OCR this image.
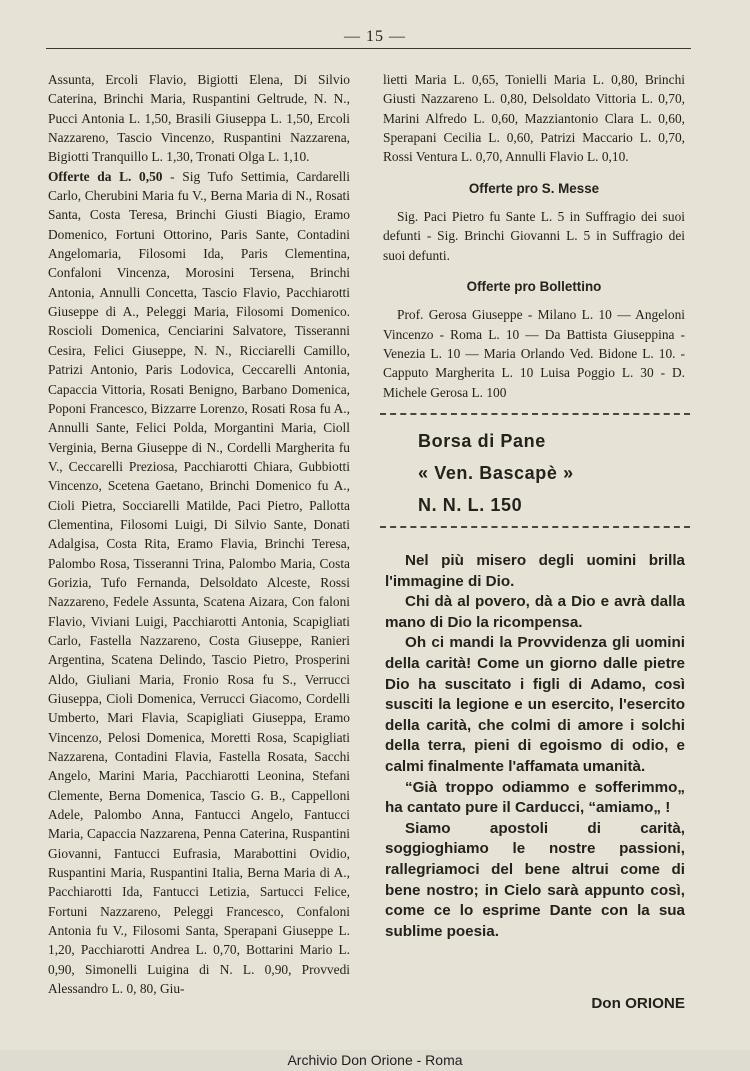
— 15 —

Assunta, Ercoli Flavio, Bigiotti Elena, Di Silvio Caterina, Brinchi Maria, Ruspantini Geltrude, N. N., Pucci Antonia L. 1,50, Brasili Giuseppa L. 1,50, Ercoli Nazzareno, Tascio Vincenzo, Ruspantini Nazzarena, Bigiotti Tranquillo L. 1,30, Tronati Olga L. 1,10.

Offerte da L. 0,50 - Sig Tufo Settimia, Cardarelli Carlo, Cherubini Maria fu V., Berna Maria di N., Rosati Santa, Costa Teresa, Brinchi Giusti Biagio, Eramo Domenico, Fortuni Ottorino, Paris Sante, Contadini Angelomaria, Filosomi Ida, Paris Clementina, Confaloni Vincenza, Morosini Tersena, Brinchi Antonia, Annulli Concetta, Tascio Flavio, Pacchiarotti Giuseppe di A., Peleggi Maria, Filosomi Domenico. Roscioli Domenica, Cenciarini Salvatore, Tisseranni Cesira, Felici Giuseppe, N. N., Ricciarelli Camillo, Patrizi Antonio, Paris Lodovica, Ceccarelli Antonia, Capaccia Vittoria, Rosati Benigno, Barbano Domenica, Poponi Francesco, Bizzarre Lorenzo, Rosati Rosa fu A., Annulli Sante, Felici Polda, Morgantini Maria, Cioll Verginia, Berna Giuseppe di N., Cordelli Margherita fu V., Ceccarelli Preziosa, Pacchiarotti Chiara, Gubbiotti Vincenzo, Scetena Gaetano, Brinchi Domenico fu A., Cioli Pietra, Socciarelli Matilde, Paci Pietro, Pallotta Clementina, Filosomi Luigi, Di Silvio Sante, Donati Adalgisa, Costa Rita, Eramo Flavia, Brinchi Teresa, Palombo Rosa, Tisseranni Trina, Palombo Maria, Costa Gorizia, Tufo Fernanda, Delsoldato Alceste, Rossi Nazzareno, Fedele Assunta, Scatena Aizara, Con faloni Flavio, Viviani Luigi, Pacchiarotti Antonia, Scapigliati Carlo, Fastella Nazzareno, Costa Giuseppe, Ranieri Argentina, Scatena Delindo, Tascio Pietro, Prosperini Aldo, Giuliani Maria, Fronio Rosa fu S., Verrucci Giuseppa, Cioli Domenica, Verrucci Giacomo, Cordelli Umberto, Mari Flavia, Scapigliati Giuseppa, Eramo Vincenzo, Pelosi Domenica, Moretti Rosa, Scapigliati Nazzarena, Contadini Flavia, Fastella Rosata, Sacchi Angelo, Marini Maria, Pacchiarotti Leonina, Stefani Clemente, Berna Domenica, Tascio G. B., Cappelloni Adele, Palombo Anna, Fantucci Angelo, Fantucci Maria, Capaccia Nazzarena, Penna Caterina, Ruspantini Giovanni, Fantucci Eufrasia, Marabottini Ovidio, Ruspantini Maria, Ruspantini Italia, Berna Maria di A., Pacchiarotti Ida, Fantucci Letizia, Sartucci Felice, Fortuni Nazzareno, Peleggi Francesco, Confaloni Antonia fu V., Filosomi Santa, Sperapani Giuseppe L. 1,20, Pacchiarotti Andrea L. 0,70, Bottarini Mario L. 0,90, Simonelli Luigina di N. L. 0,90, Provvedi Alessandro L. 0, 80, Giu-

lietti Maria L. 0,65, Tonielli Maria L. 0,80, Brinchi Giusti Nazzareno L. 0,80, Delsoldato Vittoria L. 0,70, Marini Alfredo L. 0,60, Mazziantonio Clara L. 0,60, Sperapani Cecilia L. 0,60, Patrizi Maccario L. 0,70, Rossi Ventura L. 0,70, Annulli Flavio L. 0,10.

Offerte pro S. Messe

Sig. Paci Pietro fu Sante L. 5 in Suffragio dei suoi defunti - Sig. Brinchi Giovanni L. 5 in Suffragio dei suoi defunti.

Offerte pro Bollettino

Prof. Gerosa Giuseppe - Milano L. 10 — Angeloni Vincenzo - Roma L. 10 — Da Battista Giuseppina - Venezia L. 10 — Maria Orlando Ved. Bidone L. 10. - Capputo Margherita L. 10 Luisa Poggio L. 30 - D. Michele Gerosa L. 100

Borsa di Pane
« Ven. Bascapè »
N. N. L. 150

Nel più misero degli uomini brilla l'immagine di Dio.

Chi dà al povero, dà a Dio e avrà dalla mano di Dio la ricompensa.

Oh ci mandi la Provvidenza gli uomini della carità! Come un giorno dalle pietre Dio ha suscitato i figli di Adamo, così susciti la legione e un esercito, l'esercito della carità, che colmi di amore i solchi della terra, pieni di egoismo di odio, e calmi finalmente l'affamata umanità.

“Già troppo odiammo e sofferimmo„ ha cantato pure il Carducci, “amiamo„ !

Siamo apostoli di carità, soggioghiamo le nostre passioni, rallegriamoci del bene altrui come di bene nostro; in Cielo sarà appunto così, come ce lo esprime Dante con la sua sublime poesia.

Don ORIONE
Archivio Don Orione - Roma
